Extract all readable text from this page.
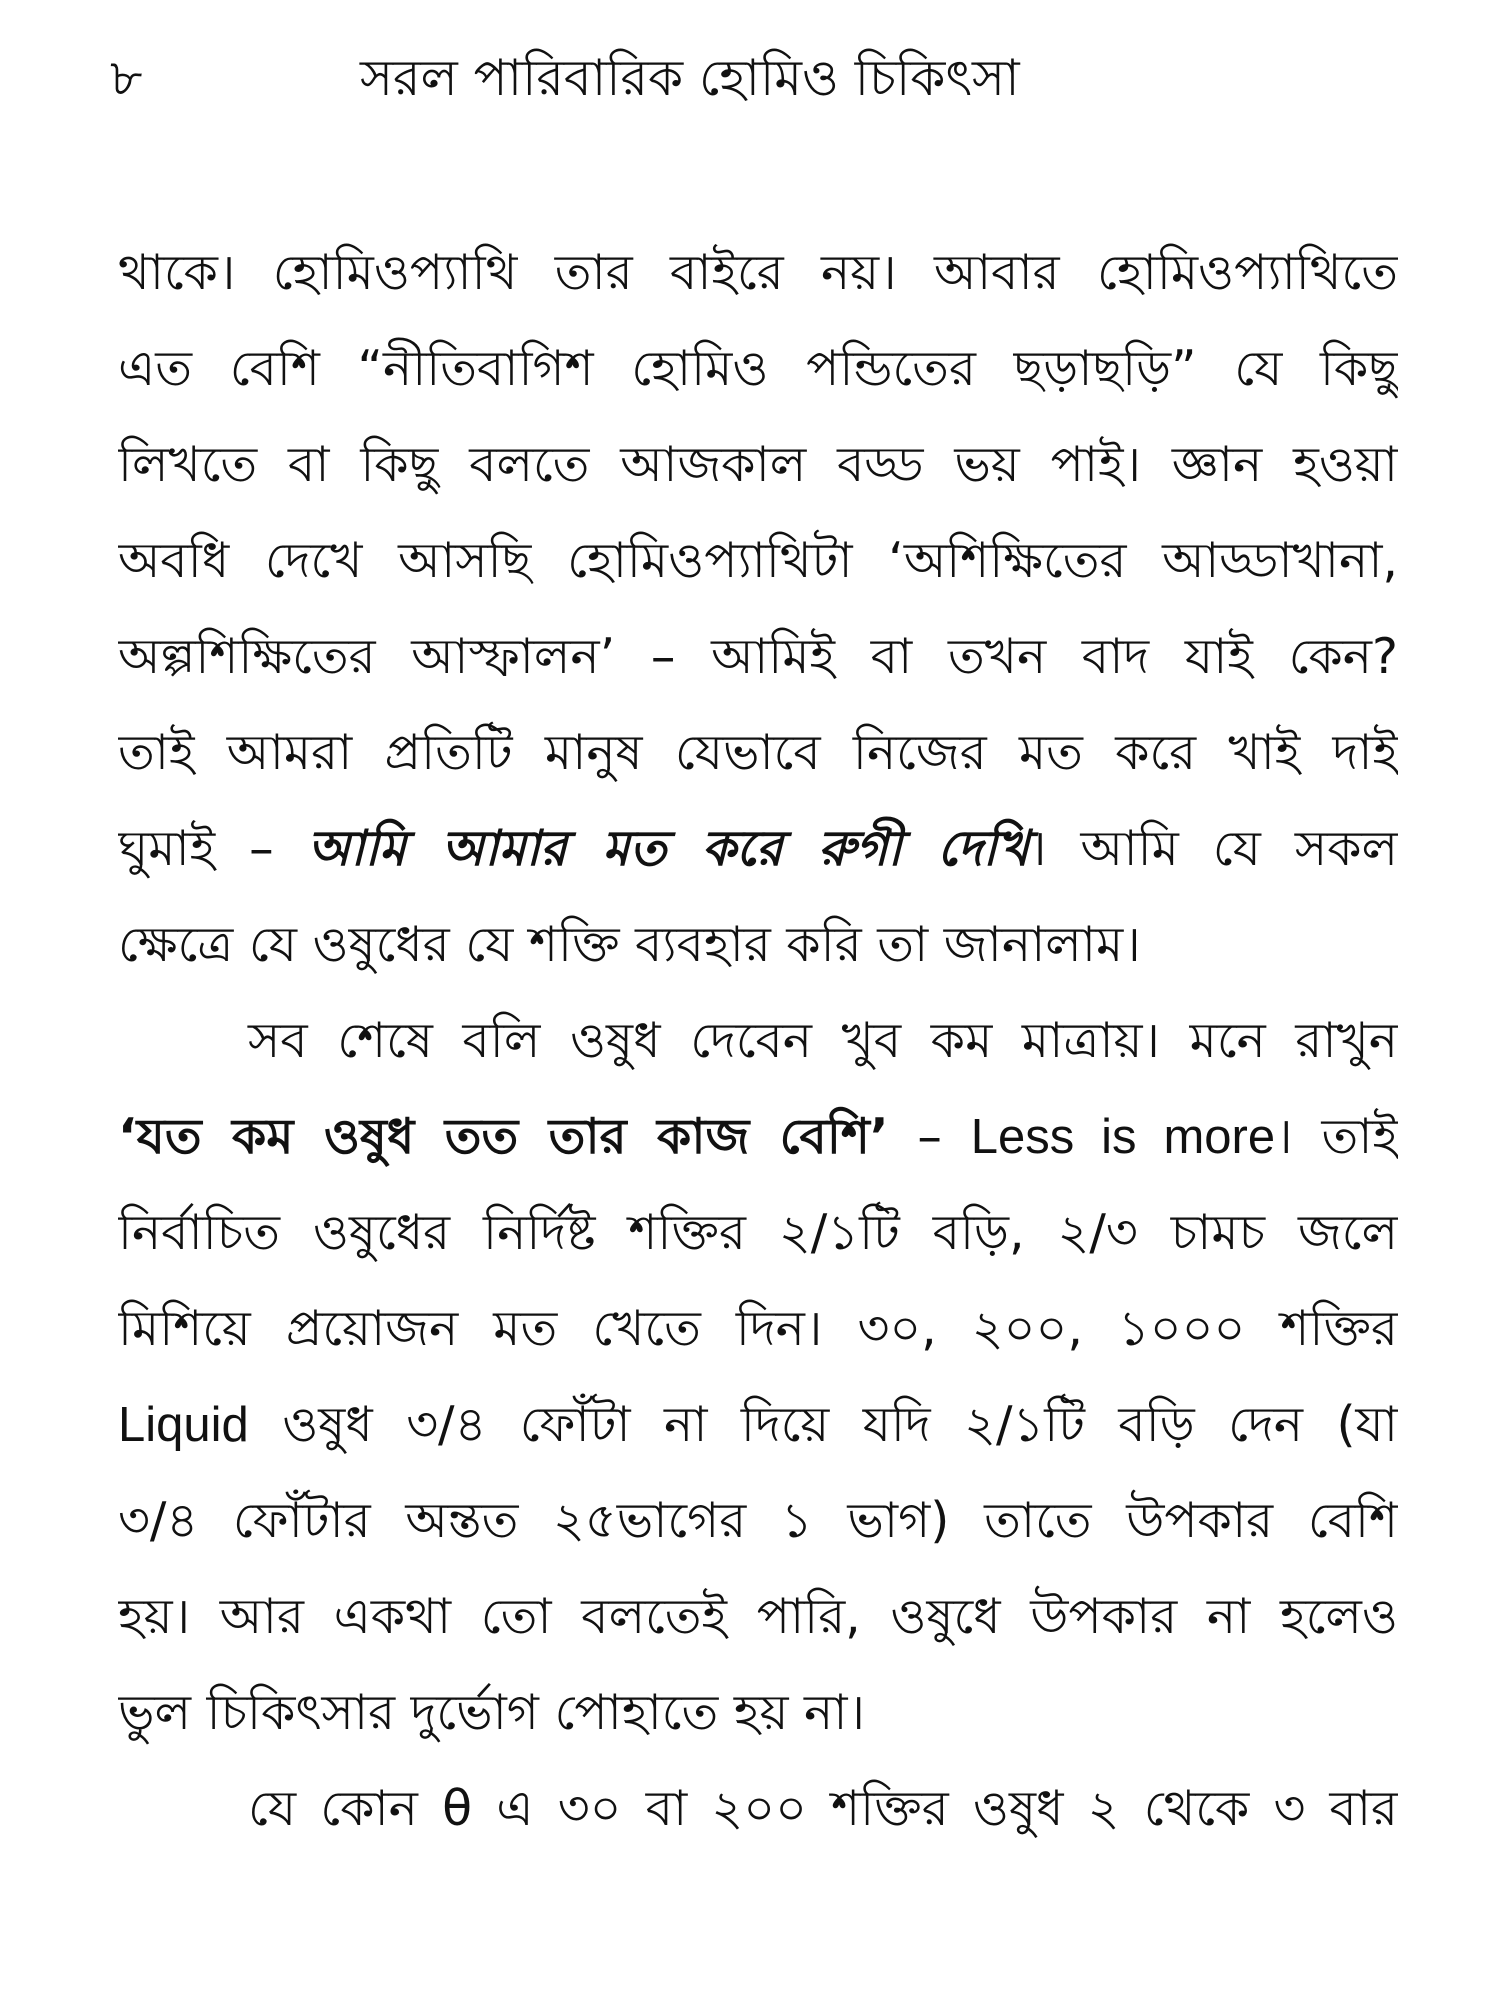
৮	সরল পারিবারিক হোমিও চিকিৎসা
থাকে। হোমিওপ্যাথি তার বাইরে নয়। আবার হোমিওপ্যাথিতে
এত বেশি “নীতিবাগিশ হোমিও পন্ডিতের ছড়াছড়ি” যে কিছু
লিখতে বা কিছু বলতে আজকাল বড্ড ভয় পাই। জ্ঞান হওয়া
অবধি দেখে আসছি হোমিওপ্যাথিটা ‘অশিক্ষিতের আড্ডাখানা,
অল্পশিক্ষিতের আস্ফালন’ – আমিই বা তখন বাদ যাই কেন?
তাই আমরা প্রতিটি মানুষ যেভাবে নিজের মত করে খাই দাই
ঘুমাই – আমি আমার মত করে রুগী দেখি। আমি যে সকল
ক্ষেত্রে যে ওষুধের যে শক্তি ব্যবহার করি তা জানালাম।
সব শেষে বলি ওষুধ দেবেন খুব কম মাত্রায়। মনে রাখুন
‘যত কম ওষুধ তত তার কাজ বেশি’ – Less is more। তাই
নির্বাচিত ওষুধের নির্দিষ্ট শক্তির ২/১টি বড়ি, ২/৩ চামচ জলে
মিশিয়ে প্রয়োজন মত খেতে দিন। ৩০, ২০০, ১০০০ শক্তির
Liquid ওষুধ ৩/৪ ফোঁটা না দিয়ে যদি ২/১টি বড়ি দেন (যা
৩/৪ ফোঁটার অন্তত ২৫ভাগের ১ ভাগ) তাতে উপকার বেশি
হয়। আর একথা তো বলতেই পারি, ওষুধে উপকার না হলেও
ভুল চিকিৎসার দুর্ভোগ পোহাতে হয় না।
যে কোন θ এ ৩০ বা ২০০ শক্তির ওষুধ ২ থেকে ৩ বার
